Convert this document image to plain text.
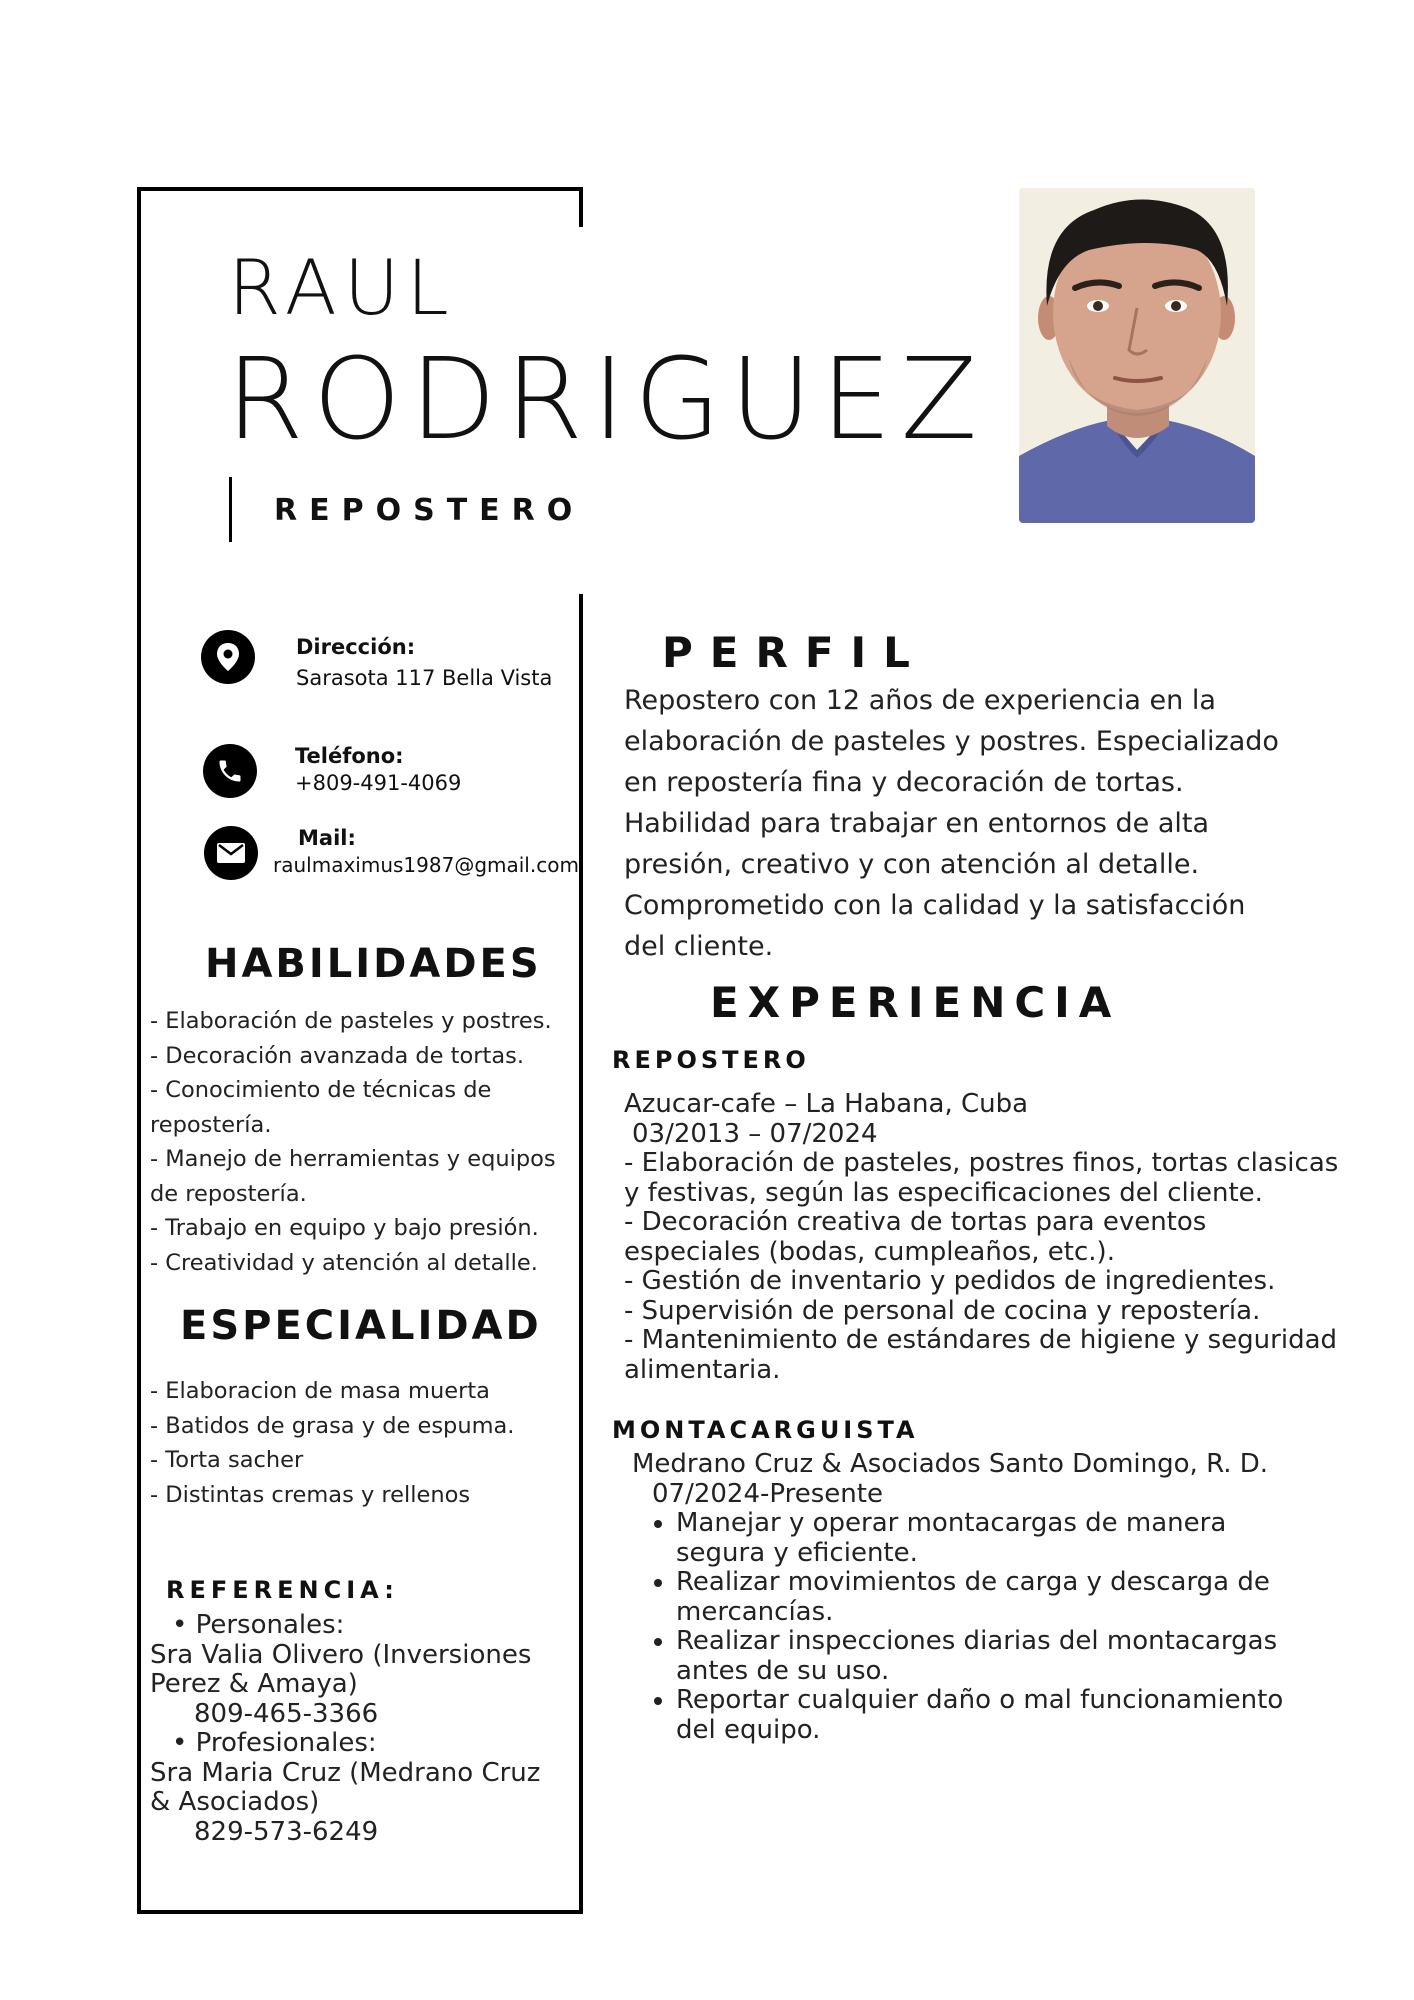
RAUL
RODRIGUEZ
REPOSTERO
Dirección:
Sarasota 117 Bella Vista
Teléfono:
+809-491-4069
Mail:
raulmaximus1987@gmail.com
HABILIDADES
- Elaboración de pasteles y postres.
- Decoración avanzada de tortas.
- Conocimiento de técnicas de
repostería.
- Manejo de herramientas y equipos
de repostería.
- Trabajo en equipo y bajo presión.
- Creatividad y atención al detalle.
ESPECIALIDAD
- Elaboracion de masa muerta
- Batidos de grasa y de espuma.
- Torta sacher
- Distintas cremas y rellenos
REFERENCIA:

• Personales:

Sra Valia Olivero (Inversiones

Perez & Amaya)

809-465-3366

• Profesionales:

Sra Maria Cruz (Medrano Cruz

& Asociados)

829-573-6249

PERFIL
Repostero con 12 años de experiencia en la
elaboración de pasteles y postres. Especializado
en repostería fina y decoración de tortas.
Habilidad para trabajar en entornos de alta
presión, creativo y con atención al detalle.
Comprometido con la calidad y la satisfacción
del cliente.
EXPERIENCIA
REPOSTERO

Azucar-cafe – La Habana, Cuba

03/2013 – 07/2024

- Elaboración de pasteles, postres finos, tortas clasicas

y festivas, según las especificaciones del cliente.

- Decoración creativa de tortas para eventos

especiales (bodas, cumpleaños, etc.).

- Gestión de inventario y pedidos de ingredientes.

- Supervisión de personal de cocina y repostería.

- Mantenimiento de estándares de higiene y seguridad

alimentaria.

MONTACARGUISTA

Medrano Cruz & Asociados Santo Domingo, R. D.

07/2024-Presente

• Manejar y operar montacargas de manera segura y eficiente.
• Realizar movimientos de carga y descarga de mercancías.
• Realizar inspecciones diarias del montacargas antes de su uso.
• Reportar cualquier daño o mal funcionamiento del equipo.
